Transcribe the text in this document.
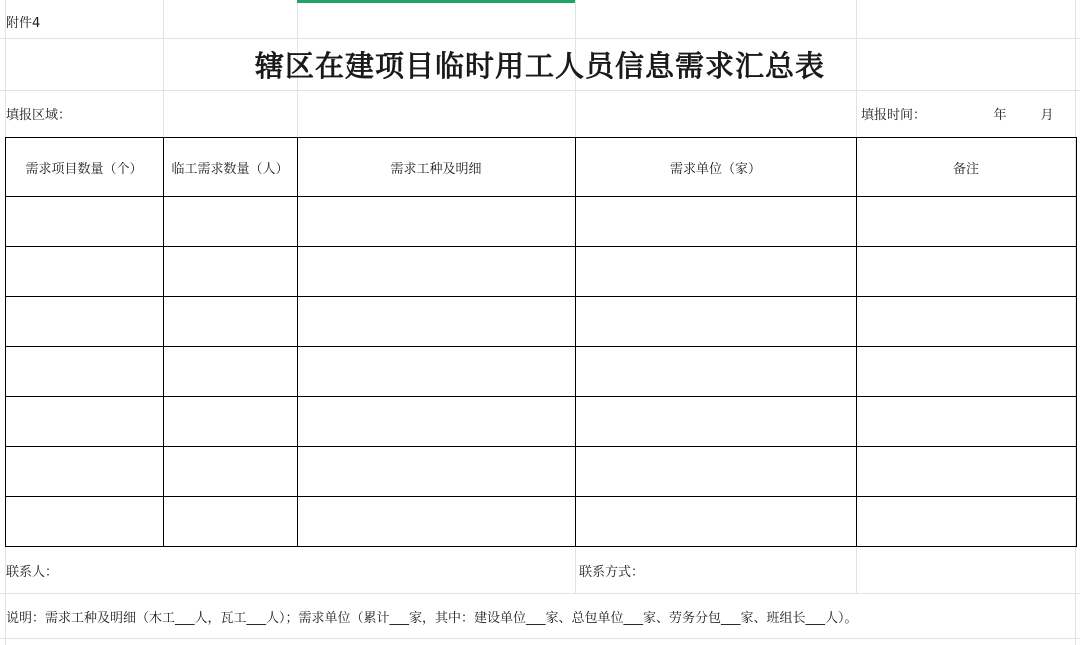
附件4
辖区在建项目临时用工人员信息需求汇总表
填报区域：	填报时间：	年	月
需求项目数量（个）	临工需求数量（人）	需求工种及明细	需求单位（家）	备注
联系人：	联系方式：
说明：需求工种及明细（木工___人，瓦工___人）；需求单位（累计___家，其中：建设单位___家、总包单位___家、劳务分包___家、班组长___人）。
